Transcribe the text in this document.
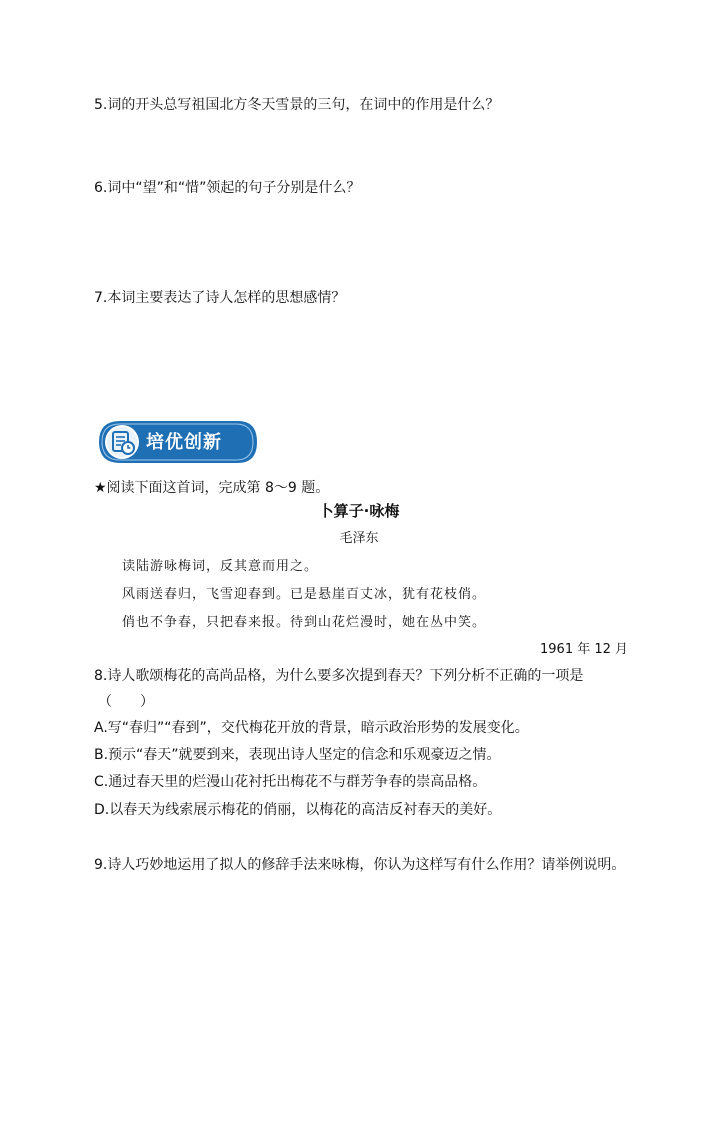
5.词的开头总写祖国北方冬天雪景的三句，在词中的作用是什么？
6.词中“望”和“惜”领起的句子分别是什么？
7.本词主要表达了诗人怎样的思想感情？
培优创新
★阅读下面这首词，完成第 8～9 题。
卜算子·咏梅
毛泽东
读陆游咏梅词，反其意而用之。
风雨送春归，飞雪迎春到。已是悬崖百丈冰，犹有花枝俏。
俏也不争春，只把春来报。待到山花烂漫时，她在丛中笑。
1961 年 12 月
8.诗人歌颂梅花的高尚品格，为什么要多次提到春天？下列分析不正确的一项是
（　　）
A.写“春归”“春到”，交代梅花开放的背景，暗示政治形势的发展变化。
B.预示“春天”就要到来，表现出诗人坚定的信念和乐观豪迈之情。
C.通过春天里的烂漫山花衬托出梅花不与群芳争春的崇高品格。
D.以春天为线索展示梅花的俏丽，以梅花的高洁反衬春天的美好。
9.诗人巧妙地运用了拟人的修辞手法来咏梅，你认为这样写有什么作用？请举例说明。
